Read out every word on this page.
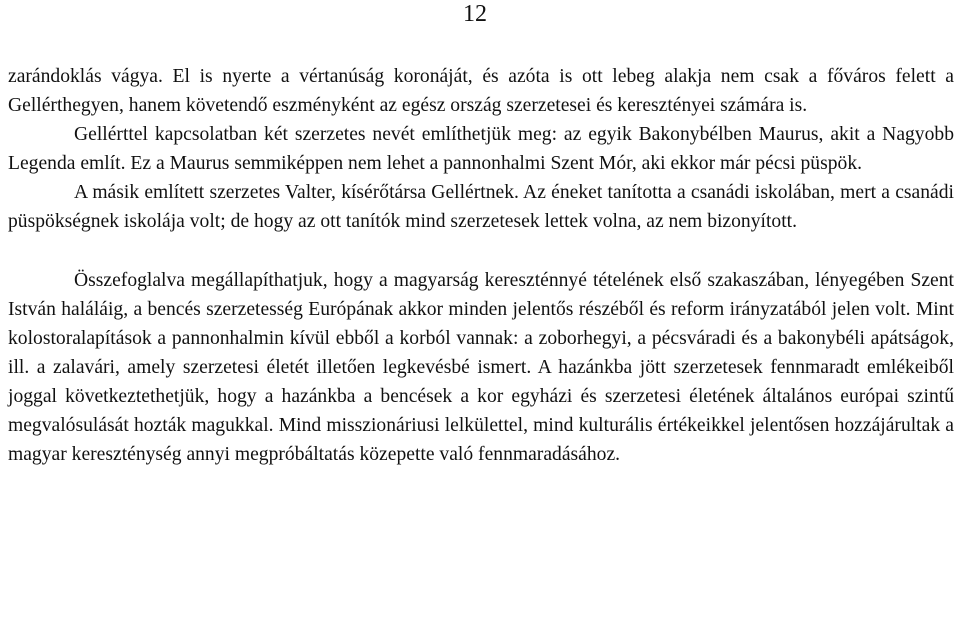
12

zarándoklás vágya. El is nyerte a vértanúság koronáját, és azóta is ott lebeg alakja nem csak a főváros felett a Gellérthegyen, hanem követendő eszményként az egész ország szerzetesei és keresztényei számára is.

Gellérttel kapcsolatban két szerzetes nevét említhetjük meg: az egyik Bakonybélben Maurus, akit a Nagyobb Legenda említ. Ez a Maurus semmiképpen nem lehet a pannonhalmi Szent Mór, aki ekkor már pécsi püspök.

A másik említett szerzetes Valter, kísérőtársa Gellértnek. Az éneket tanította a csanádi iskolában, mert a csanádi püspökségnek iskolája volt; de hogy az ott tanítók mind szerzetesek lettek volna, az nem bizonyított.

Összefoglalva megállapíthatjuk, hogy a magyarság kereszténnyé tételének első szakaszában, lényegében Szent István haláláig, a bencés szerzetesség Európának akkor minden jelentős részéből és reform irányzatából jelen volt. Mint kolostoralapítások a pannonhalmin kívül ebből a korból vannak: a zoborhegyi, a pécsváradi és a bakonybéli apátságok, ill. a zalavári, amely szerzetesi életét illetően legkevésbé ismert. A hazánkba jött szerzetesek fennmaradt emlékeiből joggal következtethetjük, hogy a hazánkba a bencések a kor egyházi és szerzetesi életének általános európai szintű megvalósulását hozták magukkal. Mind misszionáriusi lelkülettel, mind kulturális értékeikkel jelentősen hozzájárultak a magyar kereszténység annyi megpróbáltatás közepette való fennmaradásához.
